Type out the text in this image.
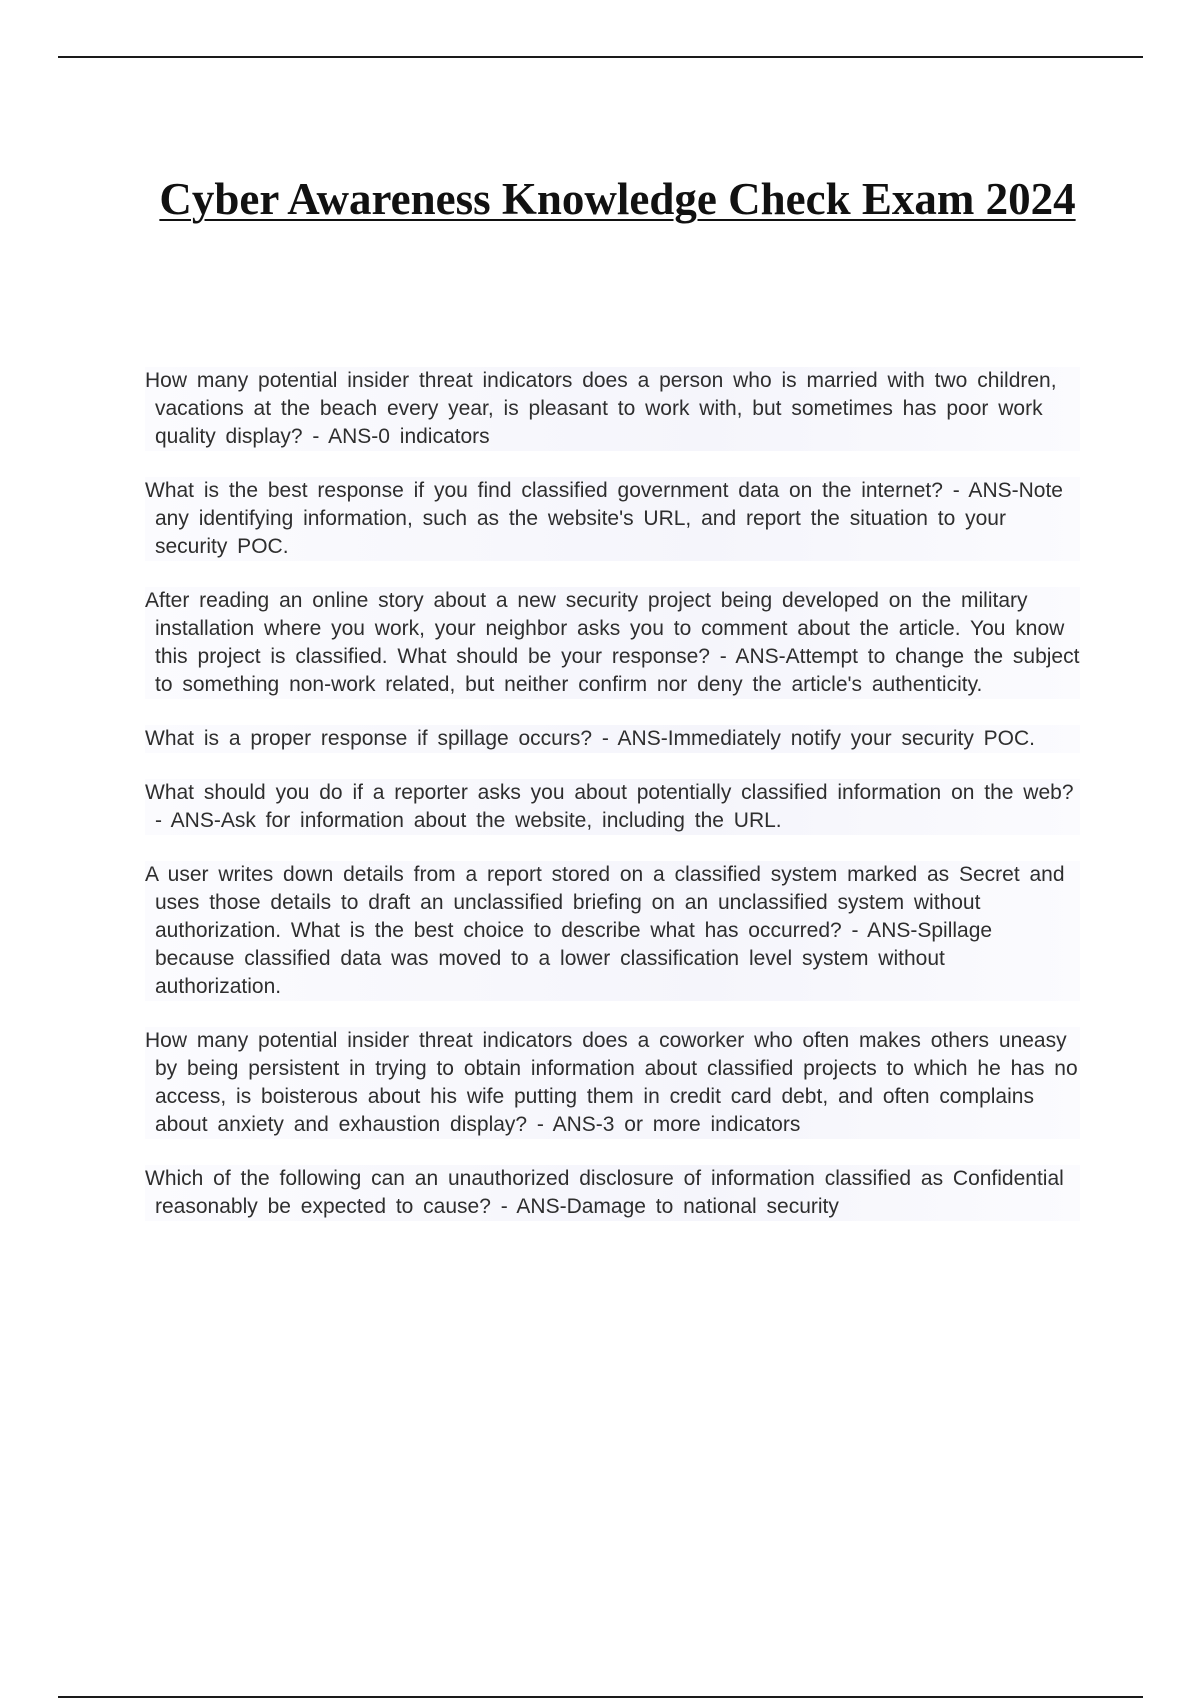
Cyber Awareness Knowledge Check Exam 2024

How many potential insider threat indicators does a person who is married with two children, vacations at the beach every year, is pleasant to work with, but sometimes has poor work quality display? - ANS-0 indicators

What is the best response if you find classified government data on the internet? - ANS-Note any identifying information, such as the website's URL, and report the situation to your security POC.

After reading an online story about a new security project being developed on the military installation where you work, your neighbor asks you to comment about the article. You know this project is classified. What should be your response? - ANS-Attempt to change the subject to something non-work related, but neither confirm nor deny the article's authenticity.

What is a proper response if spillage occurs? - ANS-Immediately notify your security POC.

What should you do if a reporter asks you about potentially classified information on the web? - ANS-Ask for information about the website, including the URL.

A user writes down details from a report stored on a classified system marked as Secret and uses those details to draft an unclassified briefing on an unclassified system without authorization. What is the best choice to describe what has occurred? - ANS-Spillage because classified data was moved to a lower classification level system without authorization.

How many potential insider threat indicators does a coworker who often makes others uneasy by being persistent in trying to obtain information about classified projects to which he has no access, is boisterous about his wife putting them in credit card debt, and often complains about anxiety and exhaustion display? - ANS-3 or more indicators

Which of the following can an unauthorized disclosure of information classified as Confidential reasonably be expected to cause? - ANS-Damage to national security
